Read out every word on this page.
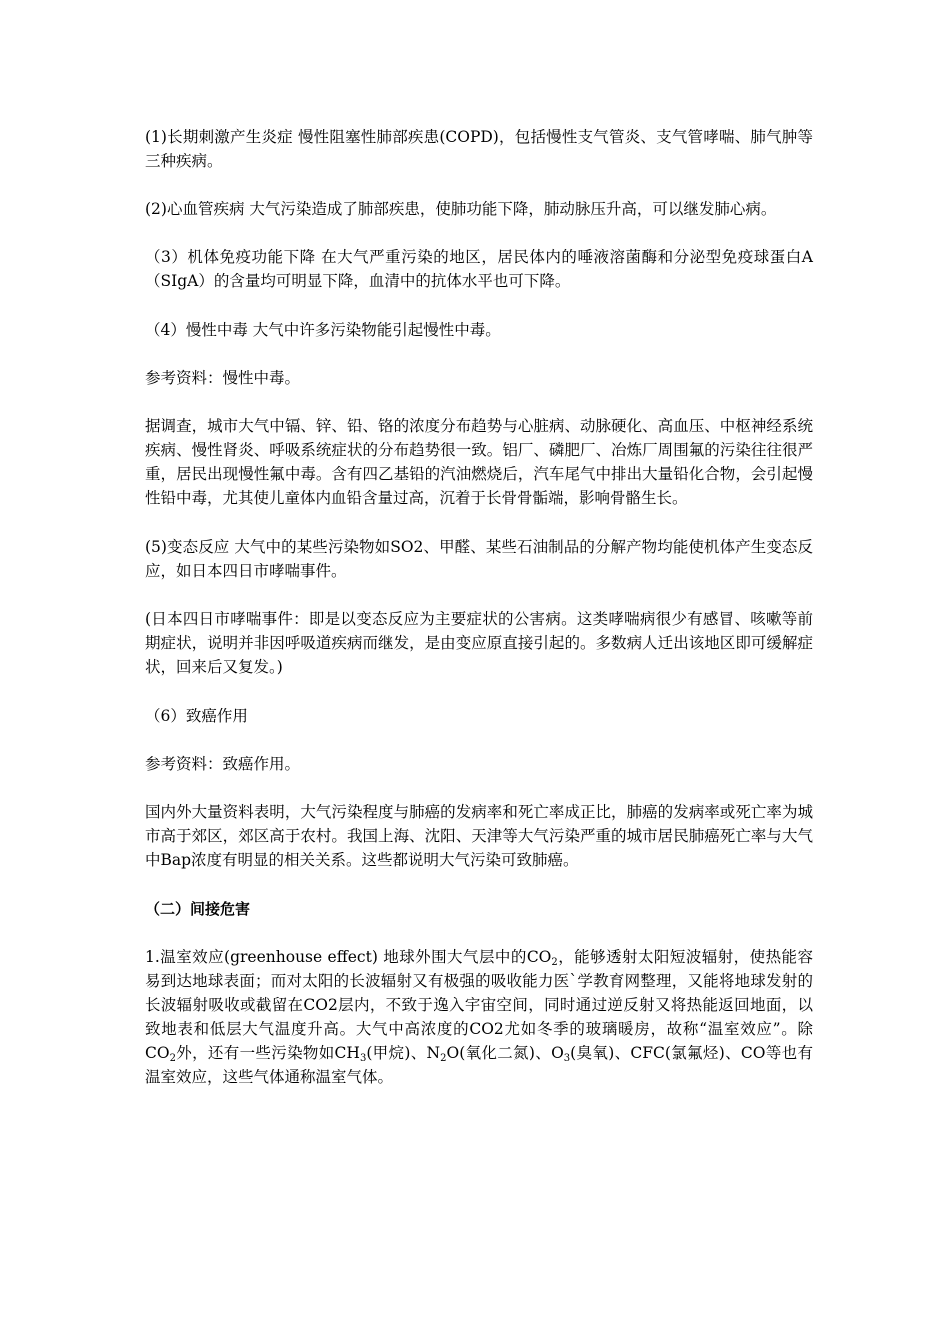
(1)长期刺激产生炎症 慢性阻塞性肺部疾患(COPD)，包括慢性支气管炎、支气管哮喘、肺气肿等三种疾病。

(2)心血管疾病 大气污染造成了肺部疾患，使肺功能下降，肺动脉压升高，可以继发肺心病。

（3）机体免疫功能下降 在大气严重污染的地区，居民体内的唾液溶菌酶和分泌型免疫球蛋白A（SIgA）的含量均可明显下降，血清中的抗体水平也可下降。

（4）慢性中毒 大气中许多污染物能引起慢性中毒。

参考资料：慢性中毒。

据调查，城市大气中镉、锌、铅、铬的浓度分布趋势与心脏病、动脉硬化、高血压、中枢神经系统疾病、慢性肾炎、呼吸系统症状的分布趋势很一致。铝厂、磷肥厂、冶炼厂周围氟的污染往往很严重，居民出现慢性氟中毒。含有四乙基铅的汽油燃烧后，汽车尾气中排出大量铅化合物，会引起慢性铅中毒，尤其使儿童体内血铅含量过高，沉着于长骨骨骺端，影响骨骼生长。

(5)变态反应 大气中的某些污染物如SO2、甲醛、某些石油制品的分解产物均能使机体产生变态反应，如日本四日市哮喘事件。

(日本四日市哮喘事件：即是以变态反应为主要症状的公害病。这类哮喘病很少有感冒、咳嗽等前期症状，说明并非因呼吸道疾病而继发，是由变应原直接引起的。多数病人迁出该地区即可缓解症状，回来后又复发。)

（6）致癌作用

参考资料：致癌作用。

国内外大量资料表明，大气污染程度与肺癌的发病率和死亡率成正比，肺癌的发病率或死亡率为城市高于郊区，郊区高于农村。我国上海、沈阳、天津等大气污染严重的城市居民肺癌死亡率与大气中Bap浓度有明显的相关关系。这些都说明大气污染可致肺癌。

（二）间接危害

1.温室效应(greenhouse effect) 地球外围大气层中的$CO_2$，能够透射太阳短波辐射，使热能容易到达地球表面；而对太阳的长波辐射又有极强的吸收能力医`学教育网整理，又能将地球发射的长波辐射吸收或截留在CO2层内，不致于逸入宇宙空间，同时通过逆反射又将热能返回地面，以致地表和低层大气温度升高。大气中高浓度的CO2尤如冬季的玻璃暖房，故称“温室效应”。除$CO_2$外，还有一些污染物如$CH_3$(甲烷)、$N_2O$(氧化二氮)、$O_3$(臭氧)、CFC(氯氟烃)、CO等也有温室效应，这些气体通称温室气体。
